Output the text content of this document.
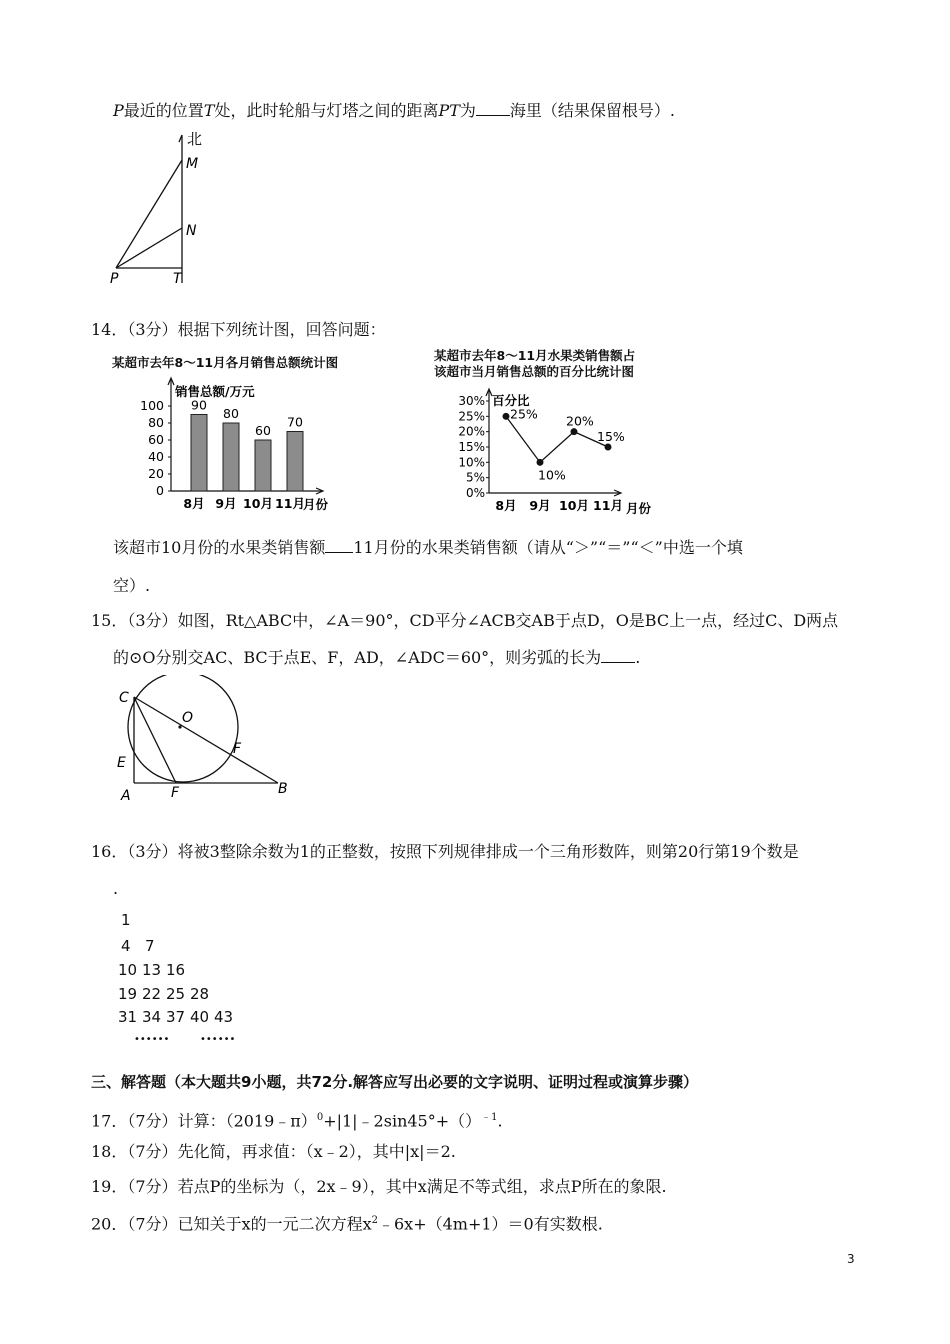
P最近的位置T处，此时轮船与灯塔之间的距离PT为 海里（结果保留根号）.
北
M
N
P	T
14．（3分）根据下列统计图，回答问题：
某超市去年8～11月各月销售总额统计图
销售总额/万元
月份
0
20
40
60
80
100 90
8月
80
9月
60
10月
70
11月
某超市去年8～11月水果类销售额占
该超市当月销售总额的百分比统计图
百分比
月份
0%
5%
10%
15%
20%
25%
30%
25%
8月
10%
9月
20%
10月
15%
11月
该超市10月份的水果类销售额 11月份的水果类销售额（请从“＞”“＝”“＜”中选一个填
空）.
15．（3分）如图，Rt△ABC中，∠A＝90°，CD平分∠ACB交AB于点D，O是BC上一点，经过C、D两点
的⊙O分别交AC、BC于点E、F，AD，∠ADC＝60°，则劣弧的长为 .
C
O
F
E
A	F	B
16．（3分）将被3整除余数为1的正整数，按照下列规律排成一个三角形数阵，则第20行第19个数是
.
1
4 7
10 13 16
19 22 25 28
31 34 37 40 43
••••••	••••••
三、解答题（本大题共9小题，共72分.解答应写出必要的文字说明、证明过程或演算步骤）
17．（7分）计算：（2019﹣π）$^0$+|1|﹣2sin45°+（）$^{﹣1}$.
18．（7分）先化简，再求值：（x﹣2），其中|x|＝2.
19．（7分）若点P的坐标为（，2x﹣9），其中x满足不等式组，求点P所在的象限.
20．（7分）已知关于x的一元二次方程$x^2﹣6x+(4m+1)=0$有实数根.
3
